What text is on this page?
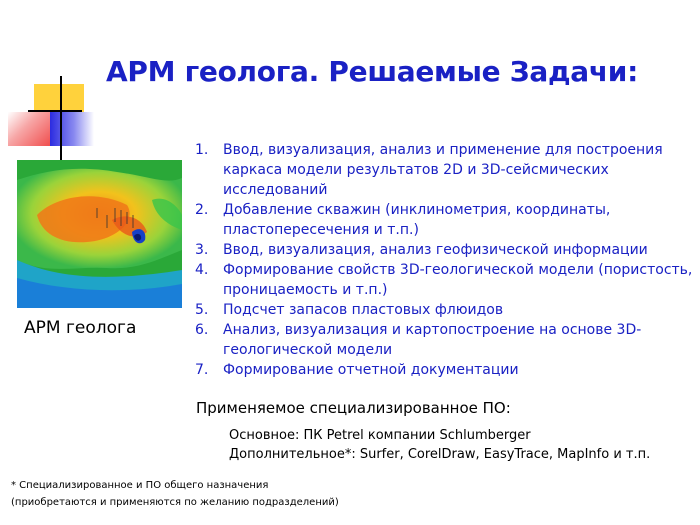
АРМ геолога. Решаемые Задачи:
АРМ геолога
1. Ввод, визуализация, анализ и применение для построения каркаса модели результатов 2D и 3D-сейсмических исследований
2. Добавление скважин (инклинометрия, координаты, пластопересечения и т.п.)
3. Ввод, визуализация, анализ геофизической информации
4. Формирование свойств 3D-геологической модели (пористость, проницаемость и т.п.)
5. Подсчет запасов пластовых флюидов
6. Анализ, визуализация и картопостроение на основе 3D-геологической модели
7. Формирование отчетной документации
Применяемое специализированное ПО:
Основное: ПК Petrel компании Schlumberger
Дополнительное*: Surfer, CorelDraw, EasyTrace, MapInfo и т.п.
* Специализированное и ПО общего назначения
(приобретаются и применяются по желанию подразделений)
